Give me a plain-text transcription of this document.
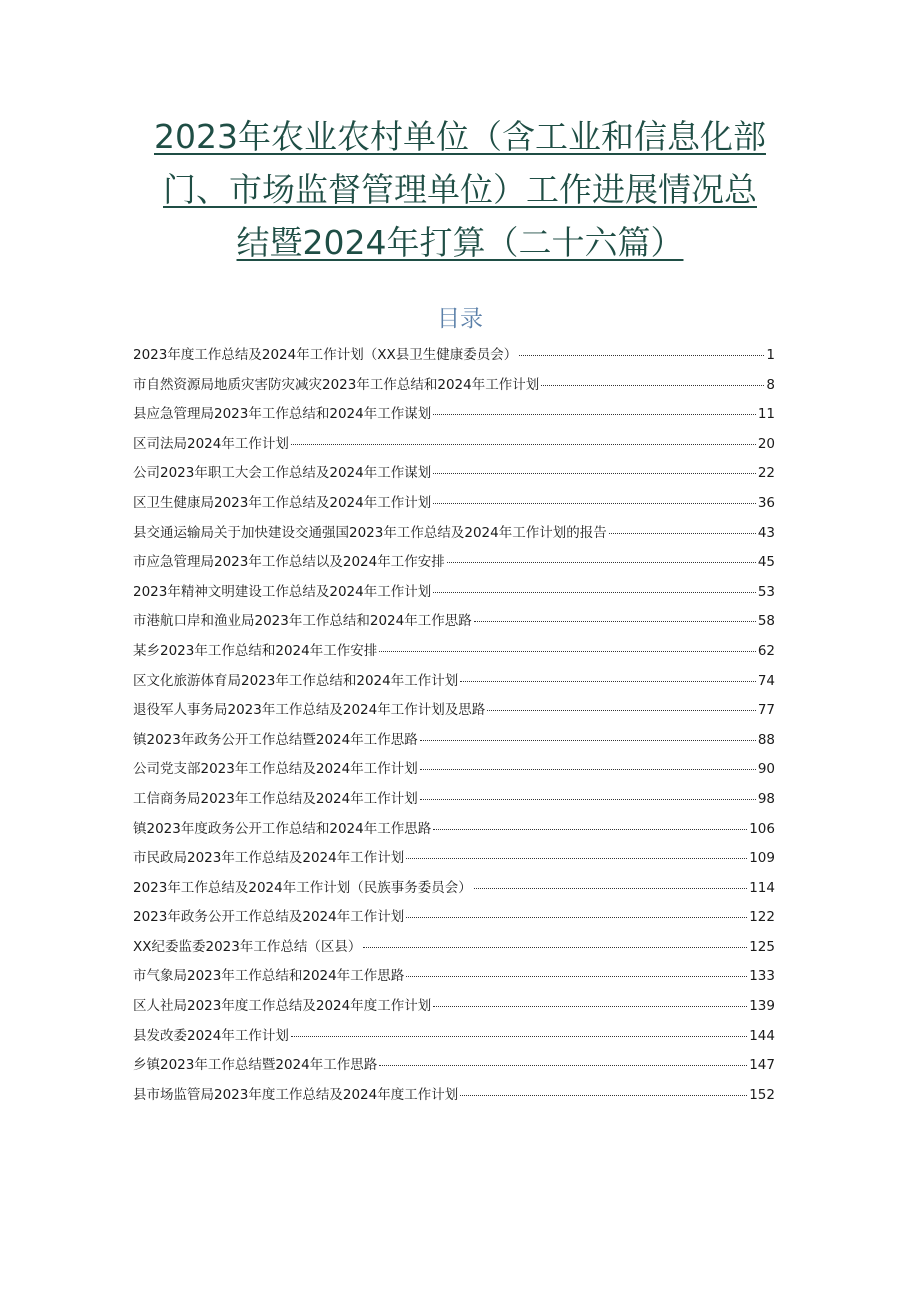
2023年农业农村单位（含工业和信息化部
门、市场监督管理单位）工作进展情况总
结暨2024年打算（二十六篇）
目录
2023年度工作总结及2024年工作计划（XX县卫生健康委员会）	1
市自然资源局地质灾害防灾减灾2023年工作总结和2024年工作计划	8
县应急管理局2023年工作总结和2024年工作谋划	11
区司法局2024年工作计划	20
公司2023年职工大会工作总结及2024年工作谋划	22
区卫生健康局2023年工作总结及2024年工作计划	36
县交通运输局关于加快建设交通强国2023年工作总结及2024年工作计划的报告	43
市应急管理局2023年工作总结以及2024年工作安排	45
2023年精神文明建设工作总结及2024年工作计划	53
市港航口岸和渔业局2023年工作总结和2024年工作思路	58
某乡2023年工作总结和2024年工作安排	62
区文化旅游体育局2023年工作总结和2024年工作计划	74
退役军人事务局2023年工作总结及2024年工作计划及思路	77
镇2023年政务公开工作总结暨2024年工作思路	88
公司党支部2023年工作总结及2024年工作计划	90
工信商务局2023年工作总结及2024年工作计划	98
镇2023年度政务公开工作总结和2024年工作思路	106
市民政局2023年工作总结及2024年工作计划	109
2023年工作总结及2024年工作计划（民族事务委员会）	114
2023年政务公开工作总结及2024年工作计划	122
XX纪委监委2023年工作总结（区县）	125
市气象局2023年工作总结和2024年工作思路	133
区人社局2023年度工作总结及2024年度工作计划	139
县发改委2024年工作计划	144
乡镇2023年工作总结暨2024年工作思路	147
县市场监管局2023年度工作总结及2024年度工作计划	152
